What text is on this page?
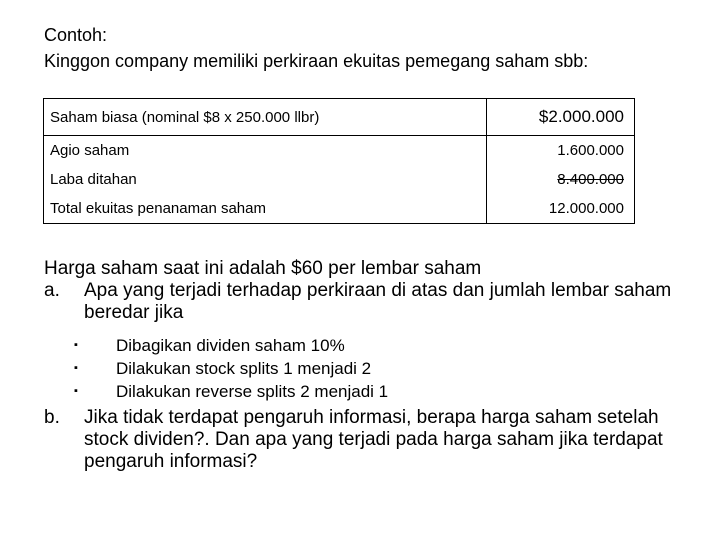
Contoh:
Kinggon company memiliki perkiraan ekuitas pemegang saham sbb:
Saham biasa (nominal $8 x 250.000 llbr)	$2.000.000
Agio saham	1.600.000
Laba ditahan	8.400.000
Total ekuitas penanaman saham	12.000.000
Harga saham saat ini adalah $60 per lembar saham
a.	Apa yang terjadi terhadap perkiraan di atas dan jumlah lembar saham beredar jika
▪	Dibagikan dividen saham 10%
▪	Dilakukan stock splits 1 menjadi 2
▪	Dilakukan reverse splits 2 menjadi 1
b.	Jika tidak terdapat pengaruh informasi, berapa harga saham setelah stock dividen?. Dan apa yang terjadi pada harga saham jika terdapat pengaruh informasi?
